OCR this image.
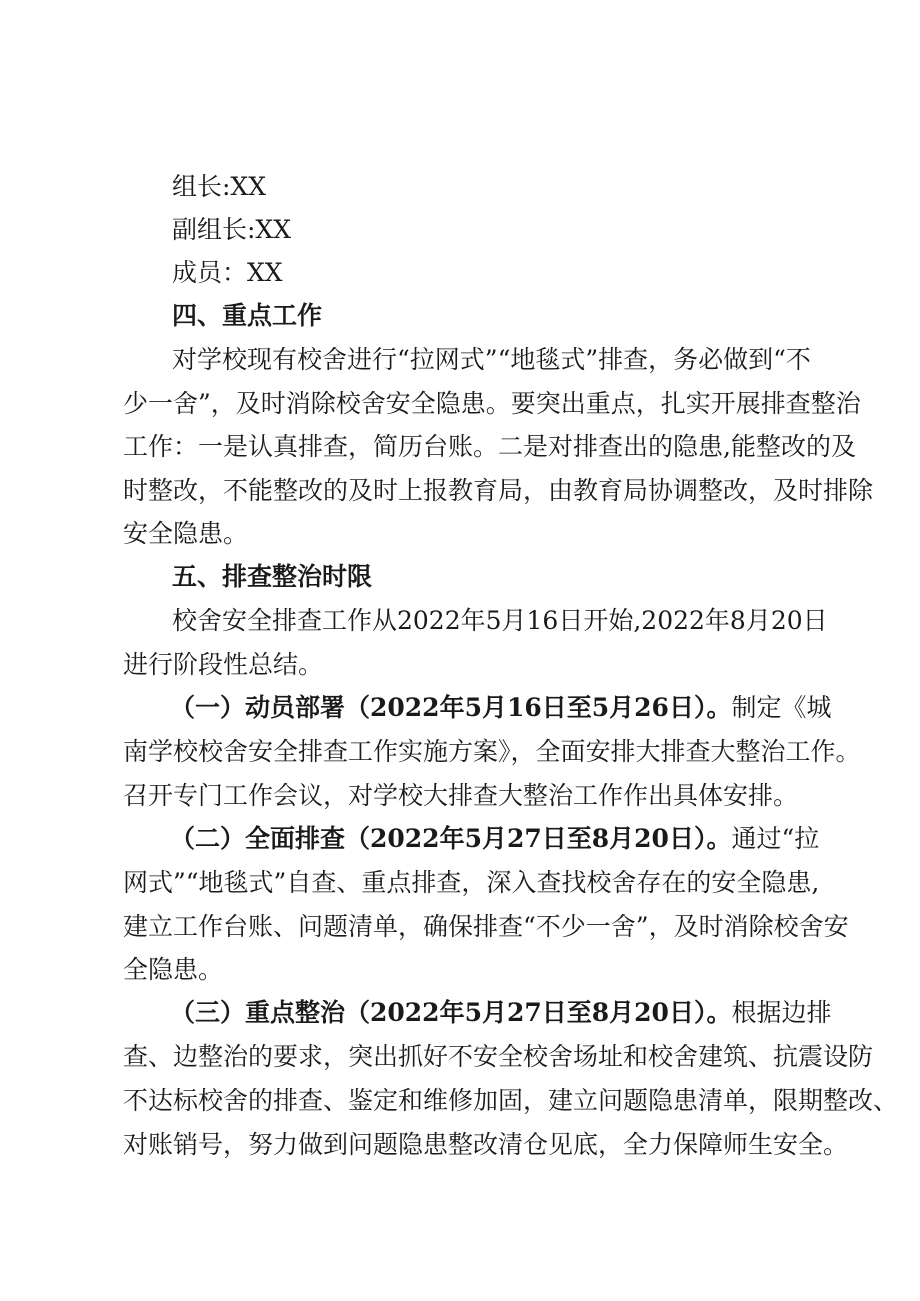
组长:XX
副组长:XX
成员：XX
四、重点工作
对学校现有校舍进行“拉网式”“地毯式”排查，务必做到“不
少一舍”，及时消除校舍安全隐患。要突出重点，扎实开展排查整治
工作：一是认真排查，简历台账。二是对排查出的隐患,能整改的及
时整改，不能整改的及时上报教育局，由教育局协调整改，及时排除
安全隐患。
五、排查整治时限
校舍安全排查工作从2022年5月16日开始,2022年8月20日
进行阶段性总结。
（一）动员部署（2022年5月16日至5月26日）。制定《城
南学校校舍安全排查工作实施方案》，全面安排大排查大整治工作。
召开专门工作会议，对学校大排查大整治工作作出具体安排。
（二）全面排查（2022年5月27日至8月20日）。通过“拉
网式”“地毯式”自查、重点排查，深入查找校舍存在的安全隐患,
建立工作台账、问题清单，确保排查“不少一舍”，及时消除校舍安
全隐患。
（三）重点整治（2022年5月27日至8月20日）。根据边排
查、边整治的要求，突出抓好不安全校舍场址和校舍建筑、抗震设防
不达标校舍的排查、鉴定和维修加固，建立问题隐患清单，限期整改、
对账销号，努力做到问题隐患整改清仓见底，全力保障师生安全。
